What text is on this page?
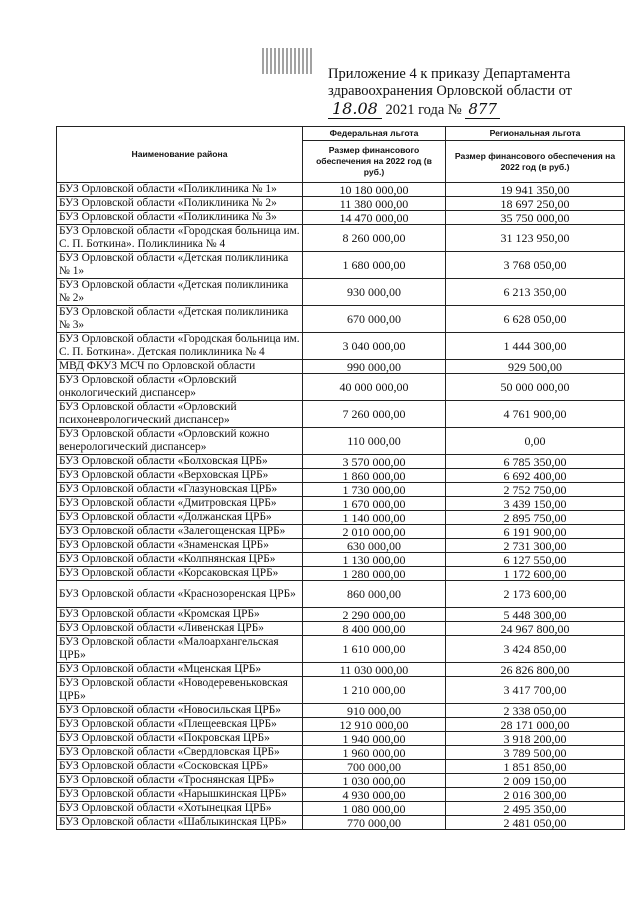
Приложение 4 к приказу Департамента
здравоохранения Орловской области от
18.08 2021 года № 877
Наименование района	Федеральная льгота	Региональная льгота
	Размер финансового обеспечения на 2022 год (в руб.)	Размер финансового обеспечения на 2022 год (в руб.)
БУЗ Орловской области «Поликлиника № 1»	10 180 000,00	19 941 350,00
БУЗ Орловской области «Поликлиника № 2»	11 380 000,00	18 697 250,00
БУЗ Орловской области «Поликлиника № 3»	14 470 000,00	35 750 000,00
БУЗ Орловской области «Городская больница им. С. П. Боткина». Поликлиника № 4	8 260 000,00	31 123 950,00
БУЗ Орловской области «Детская поликлиника № 1»	1 680 000,00	3 768 050,00
БУЗ Орловской области «Детская поликлиника № 2»	930 000,00	6 213 350,00
БУЗ Орловской области «Детская поликлиника № 3»	670 000,00	6 628 050,00
БУЗ Орловской области «Городская больница им. С. П. Боткина». Детская поликлиника № 4	3 040 000,00	1 444 300,00
МВД ФКУЗ МСЧ по Орловской области	990 000,00	929 500,00
БУЗ Орловской области «Орловский онкологический диспансер»	40 000 000,00	50 000 000,00
БУЗ Орловской области «Орловский психоневрологический диспансер»	7 260 000,00	4 761 900,00
БУЗ Орловской области «Орловский кожно венерологический диспансер»	110 000,00	0,00
БУЗ Орловской области «Болховская ЦРБ»	3 570 000,00	6 785 350,00
БУЗ Орловской области «Верховская ЦРБ»	1 860 000,00	6 692 400,00
БУЗ Орловской области «Глазуновская ЦРБ»	1 730 000,00	2 752 750,00
БУЗ Орловской области «Дмитровская ЦРБ»	1 670 000,00	3 439 150,00
БУЗ Орловской области «Должанская ЦРБ»	1 140 000,00	2 895 750,00
БУЗ Орловской области «Залегощенская ЦРБ»	2 010 000,00	6 191 900,00
БУЗ Орловской области «Знаменская ЦРБ»	630 000,00	2 731 300,00
БУЗ Орловской области «Колпнянская ЦРБ»	1 130 000,00	6 127 550,00
БУЗ Орловской области «Корсаковская ЦРБ»	1 280 000,00	1 172 600,00
БУЗ Орловской области «Краснозоренская ЦРБ»	860 000,00	2 173 600,00
БУЗ Орловской области «Кромская ЦРБ»	2 290 000,00	5 448 300,00
БУЗ Орловской области «Ливенская ЦРБ»	8 400 000,00	24 967 800,00
БУЗ Орловской области «Малоархангельская ЦРБ»	1 610 000,00	3 424 850,00
БУЗ Орловской области «Мценская ЦРБ»	11 030 000,00	26 826 800,00
БУЗ Орловской области «Новодеревеньковская ЦРБ»	1 210 000,00	3 417 700,00
БУЗ Орловской области «Новосильская ЦРБ»	910 000,00	2 338 050,00
БУЗ Орловской области «Плещеевская ЦРБ»	12 910 000,00	28 171 000,00
БУЗ Орловской области «Покровская ЦРБ»	1 940 000,00	3 918 200,00
БУЗ Орловской области «Свердловская ЦРБ»	1 960 000,00	3 789 500,00
БУЗ Орловской области «Сосковская ЦРБ»	700 000,00	1 851 850,00
БУЗ Орловской области «Троснянская ЦРБ»	1 030 000,00	2 009 150,00
БУЗ Орловской области «Нарышкинская ЦРБ»	4 930 000,00	2 016 300,00
БУЗ Орловской области «Хотынецкая ЦРБ»	1 080 000,00	2 495 350,00
БУЗ Орловской области «Шаблыкинская ЦРБ»	770 000,00	2 481 050,00
